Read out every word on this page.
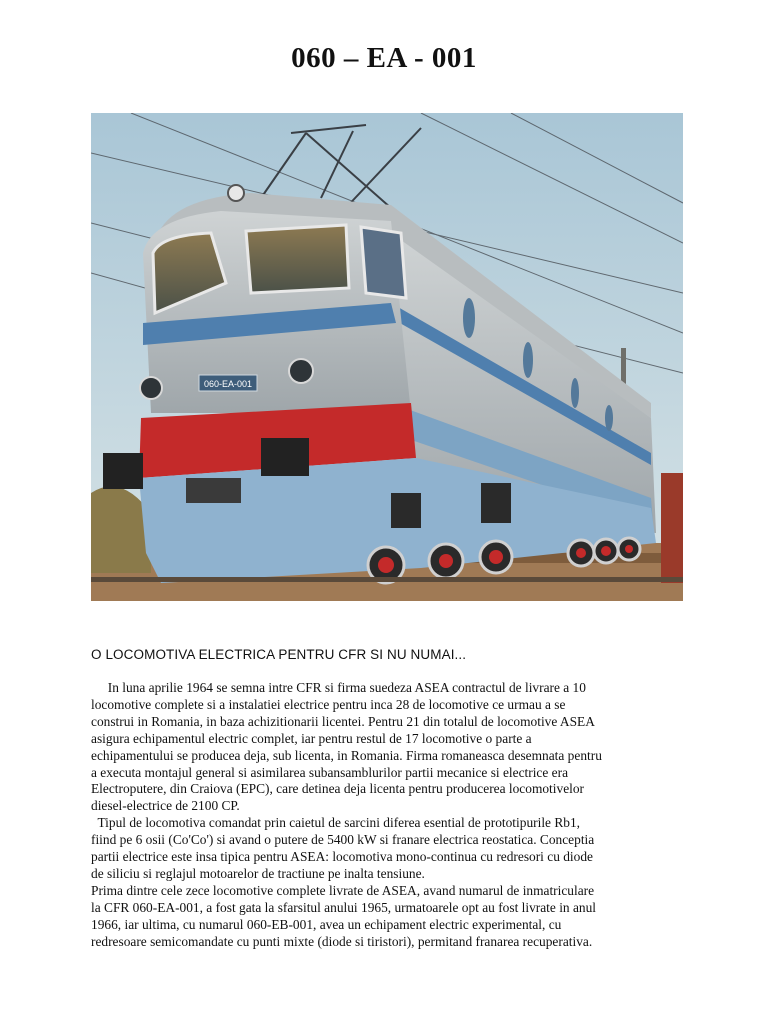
060 – EA - 001
060-EA-001

O LOCOMOTIVA ELECTRICA PENTRU CFR SI NU NUMAI...

In luna aprilie 1964 se semna intre CFR si firma suedeza ASEA contractul de livrare a 10
locomotive complete si a instalatiei electrice pentru inca 28 de locomotive ce urmau a se
construi in Romania, in baza achizitionarii licentei. Pentru 21 din totalul de locomotive ASEA
asigura echipamentul electric complet, iar pentru restul de 17 locomotive o parte a
echipamentului se producea deja, sub licenta, in Romania. Firma romaneasca desemnata pentru
a executa montajul general si asimilarea subansamblurilor partii mecanice si electrice era
Electroputere, din Craiova (EPC), care detinea deja licenta pentru producerea locomotivelor
diesel-electrice de 2100 CP.
Tipul de locomotiva comandat prin caietul de sarcini diferea esential de prototipurile Rb1,
fiind pe 6 osii (Co'Co') si avand o putere de 5400 kW si franare electrica reostatica. Conceptia
partii electrice este insa tipica pentru ASEA: locomotiva mono-continua cu redresori cu diode
de siliciu si reglajul motoarelor de tractiune pe inalta tensiune.
Prima dintre cele zece locomotive complete livrate de ASEA, avand numarul de inmatriculare
la CFR 060-EA-001, a fost gata la sfarsitul anului 1965, urmatoarele opt au fost livrate in anul
1966, iar ultima, cu numarul 060-EB-001, avea un echipament electric experimental, cu
redresoare semicomandate cu punti mixte (diode si tiristori), permitand franarea recuperativa.
